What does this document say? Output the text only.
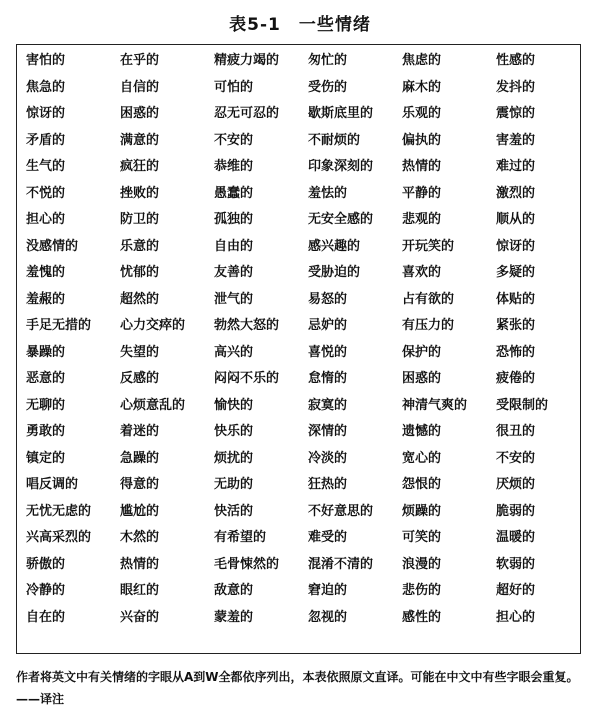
表5-1　一些情绪
害怕的	在乎的	精疲力竭的 匆忙的	焦虑的	性感的
焦急的	自信的	可怕的	受伤的	麻木的	发抖的
惊讶的	困惑的	忍无可忍的 歇斯底里的 乐观的	震惊的
矛盾的	满意的	不安的	不耐烦的	偏执的	害羞的
生气的	疯狂的	恭维的	印象深刻的 热情的	难过的
不悦的	挫败的	愚蠢的	羞怯的	平静的	激烈的
担心的	防卫的	孤独的	无安全感的 悲观的	顺从的
没感情的	乐意的	自由的	感兴趣的	开玩笑的	惊讶的
羞愧的	忧郁的	友善的	受胁迫的	喜欢的	多疑的
羞赧的	超然的	泄气的	易怒的	占有欲的	体贴的
手足无措的 心力交瘁的 勃然大怒的 忌妒的	有压力的	紧张的
暴躁的	失望的	高兴的	喜悦的	保护的	恐怖的
恶意的	反感的	闷闷不乐的 怠惰的	困惑的	疲倦的
无聊的	心烦意乱的 愉快的	寂寞的	神清气爽的 受限制的
勇敢的	着迷的	快乐的	深情的	遗憾的	很丑的
镇定的	急躁的	烦扰的	冷淡的	宽心的	不安的
唱反调的	得意的	无助的	狂热的	怨恨的	厌烦的
无忧无虑的 尴尬的	快活的	不好意思的 烦躁的	脆弱的
兴高采烈的 木然的	有希望的	难受的	可笑的	温暖的
骄傲的	热情的	毛骨悚然的 混淆不清的 浪漫的	软弱的
冷静的	眼红的	敌意的	窘迫的	悲伤的	超好的
自在的	兴奋的	蒙羞的	忽视的	感性的	担心的
作者将英文中有关情绪的字眼从A到W全都依序列出，本表依照原文直译。可能在中文中有些字眼会重复。——译注
